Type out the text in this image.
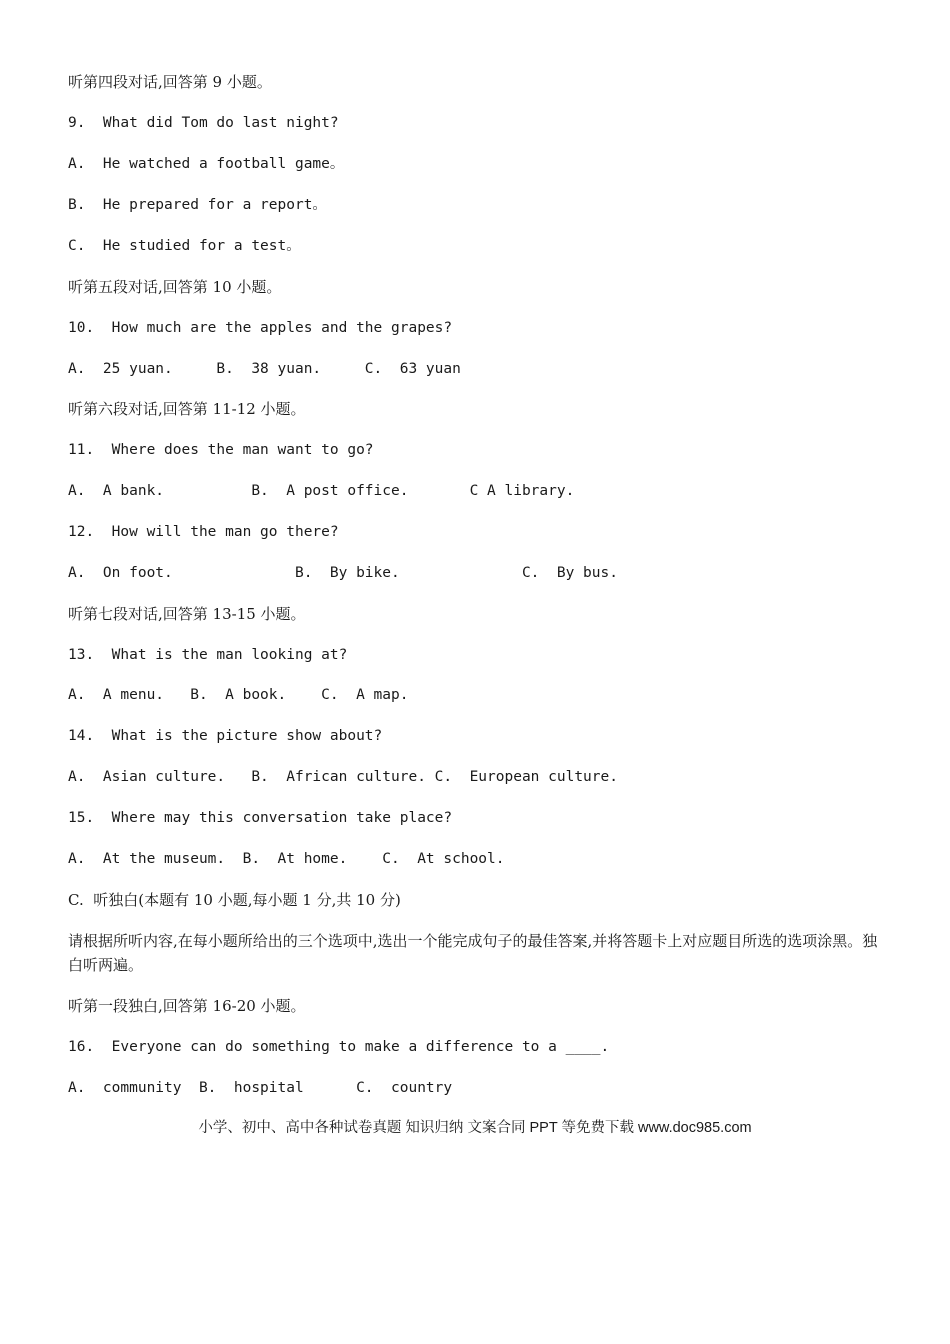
听第四段对话,回答第 9 小题。

9.  What did Tom do last night?

A.  He watched a football game。

B.  He prepared for a report。

C.  He studied for a test。

听第五段对话,回答第 10 小题。

10.  How much are the apples and the grapes?

A.  25 yuan.     B.  38 yuan.     C.  63 yuan

听第六段对话,回答第 11-12 小题。

11.  Where does the man want to go?

A.  A bank.          B.  A post office.       C A library.

12.  How will the man go there?

A.  On foot.              B.  By bike.              C.  By bus.

听第七段对话,回答第 13-15 小题。

13.  What is the man looking at?

A.  A menu.   B.  A book.    C.  A map.

14.  What is the picture show about?

A.  Asian culture.   B.  African culture. C.  European culture.

15.  Where may this conversation take place?

A.  At the museum.  B.  At home.    C.  At school.

C.  听独白(本题有 10 小题,每小题 1 分,共 10 分)

请根据所听内容,在每小题所给出的三个选项中,选出一个能完成句子的最佳答案,并将答题卡上对应题目所选的选项涂黑。独白听两遍。

听第一段独白,回答第 16-20 小题。

16.  Everyone can do something to make a difference to a ____.

A.  community  B.  hospital      C.  country

小学、初中、高中各种试卷真题 知识归纳 文案合同 PPT 等免费下载 www.doc985.com
